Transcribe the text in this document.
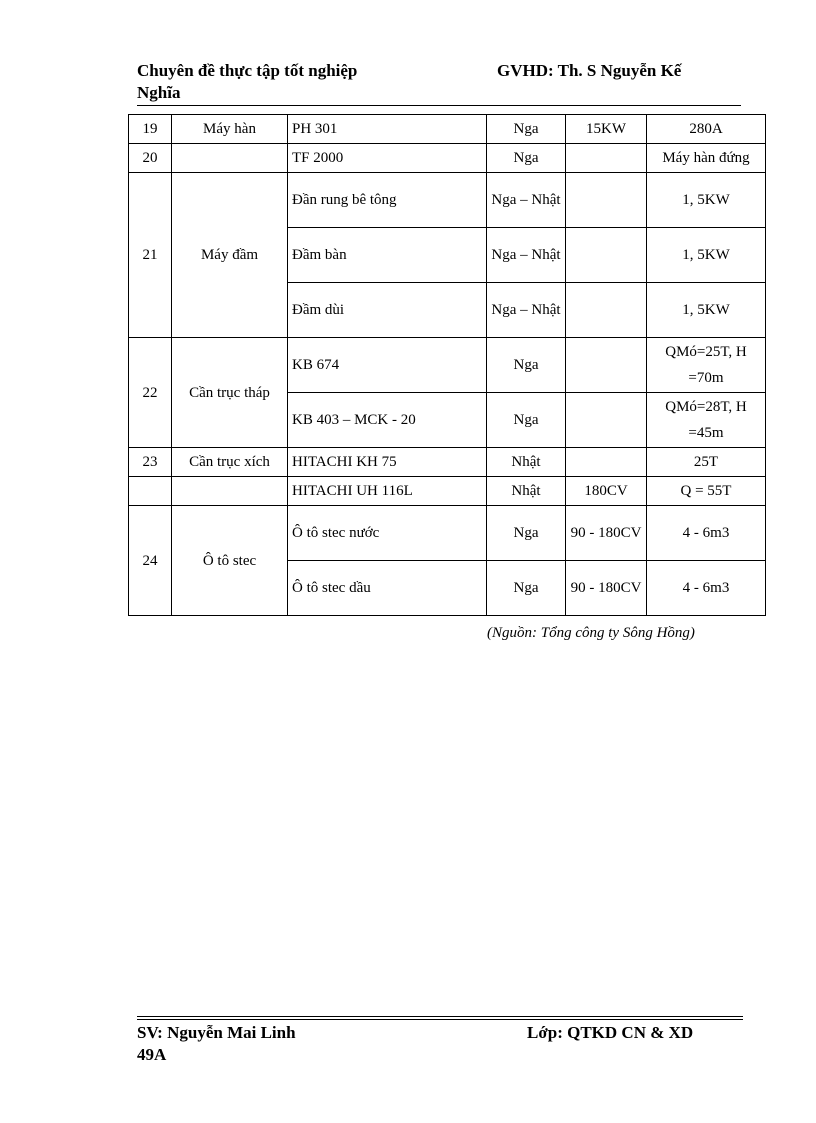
Chuyên đề thực tập tốt nghiệp	GVHD: Th. S Nguyễn Kế
Nghĩa
19	Máy hàn	PH 301	Nga	15KW	280A
20		TF 2000	Nga		Máy hàn đứng
21	Máy đầm	Đần rung bê tông	Nga – Nhật		1, 5KW
		Đầm bàn	Nga – Nhật		1, 5KW
		Đầm dùi	Nga – Nhật		1, 5KW
22	Cần trục tháp	KB 674	Nga		QMó=25T, H =70m
		KB 403 – MCK - 20	Nga		QMó=28T, H =45m
23	Cần trục xích	HITACHI KH 75	Nhật		25T
		HITACHI UH 116L	Nhật	180CV	Q = 55T
24	Ô tô stec	Ô tô stec nước	Nga	90 - 180CV	4 - 6m3
		Ô tô stec dầu	Nga	90 - 180CV	4 - 6m3
(Nguồn: Tổng công ty Sông Hồng)
SV: Nguyễn Mai Linh	Lớp: QTKD CN & XD
49A
